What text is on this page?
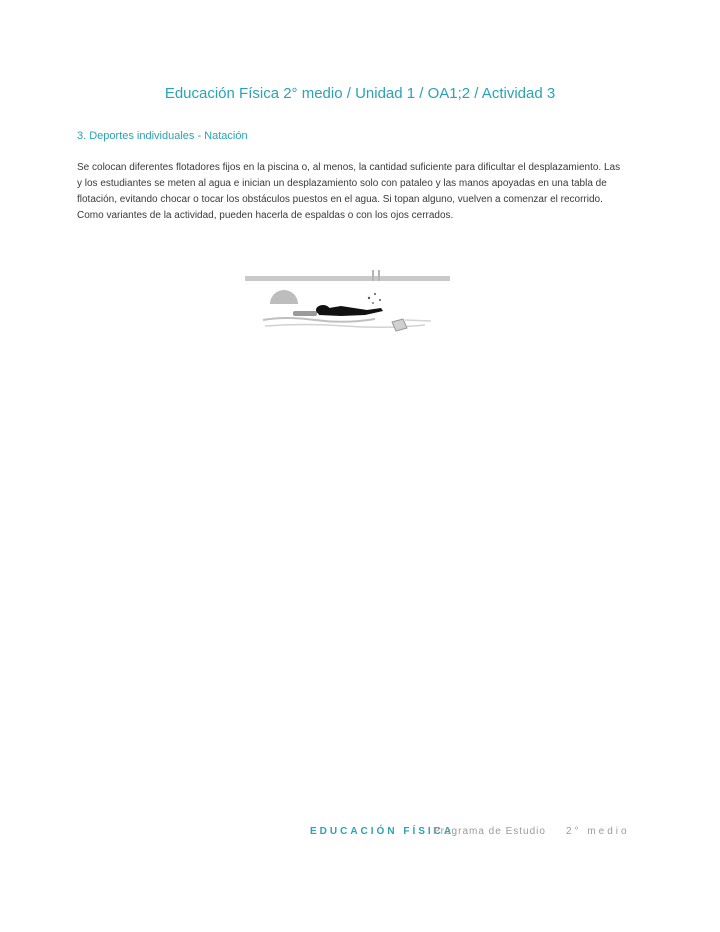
Educación Física 2° medio / Unidad 1 / OA1;2 / Actividad 3
3. Deportes individuales - Natación
Se colocan diferentes flotadores fijos en la piscina o, al menos, la cantidad suficiente para dificultar el desplazamiento. Las y los estudiantes se meten al agua e inician un desplazamiento solo con pataleo y las manos apoyadas en una tabla de flotación, evitando chocar o tocar los obstáculos puestos en el agua. Si topan alguno, vuelven a comenzar el recorrido. Como variantes de la actividad, pueden hacerla de espaldas o con los ojos cerrados.
EDUCACIÓN FÍSICA
Programa de Estudio 2° medio
